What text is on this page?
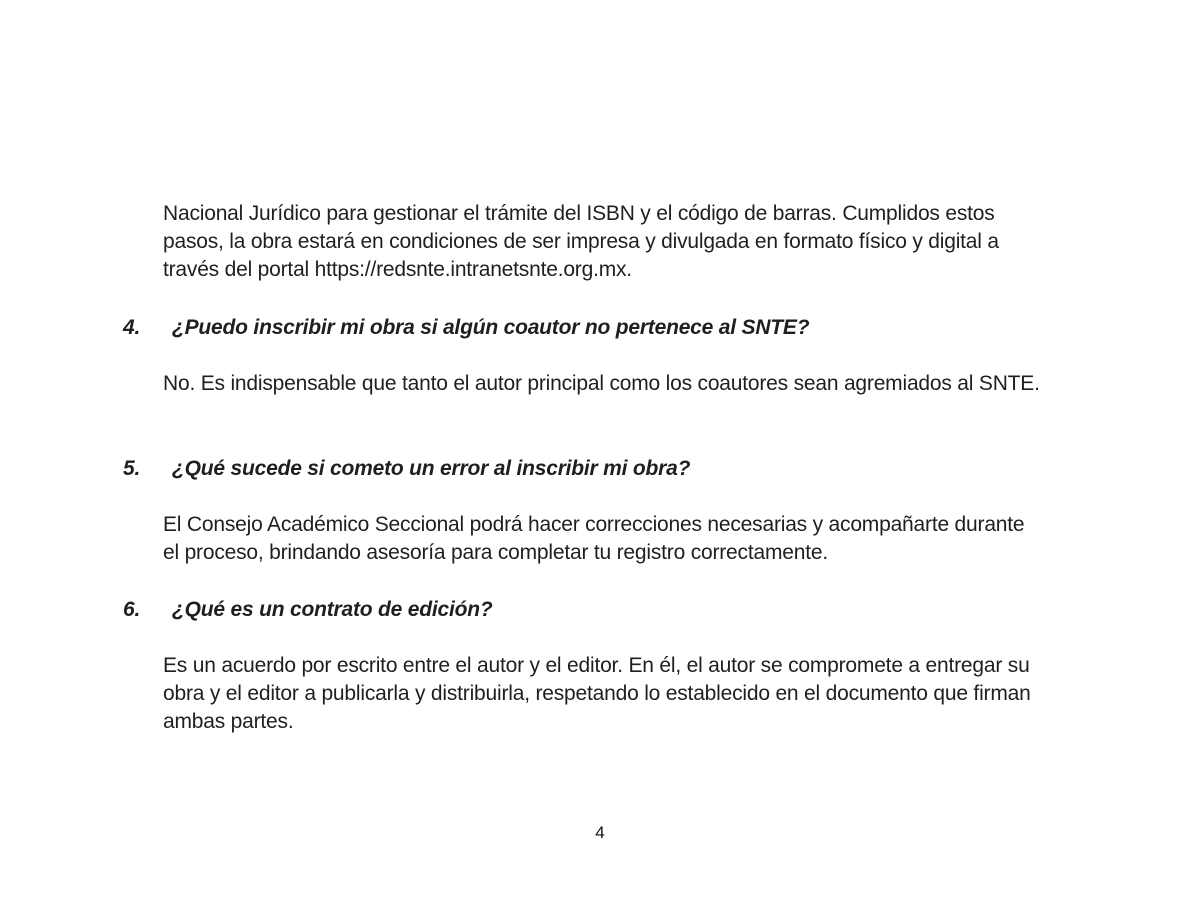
Nacional Jurídico para gestionar el trámite del ISBN y el código de barras. Cumplidos estos pasos, la obra estará en condiciones de ser impresa y divulgada en formato físico y digital a través del portal https://redsnte.intranetsnte.org.mx.

4. ¿Puedo inscribir mi obra si algún coautor no pertenece al SNTE?

No. Es indispensable que tanto el autor principal como los coautores sean agremiados al SNTE.

5. ¿Qué sucede si cometo un error al inscribir mi obra?

El Consejo Académico Seccional podrá hacer correcciones necesarias y acompañarte durante el proceso, brindando asesoría para completar tu registro correctamente.

6. ¿Qué es un contrato de edición?

Es un acuerdo por escrito entre el autor y el editor. En él, el autor se compromete a entregar su obra y el editor a publicarla y distribuirla, respetando lo establecido en el documento que firman ambas partes.

4
